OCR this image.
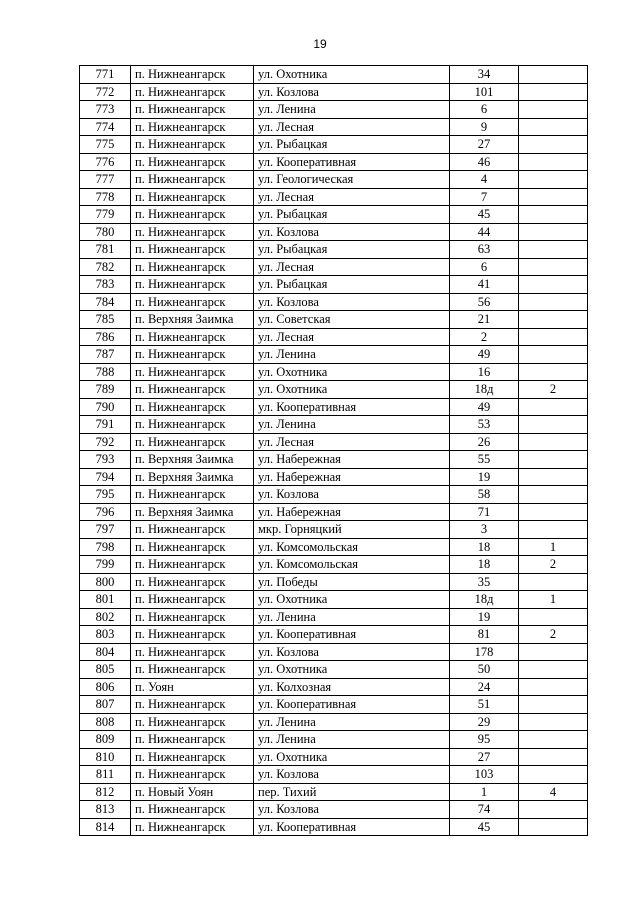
19
771	п. Нижнеангарск	ул. Охотника	34	
772	п. Нижнеангарск	ул. Козлова	101	
773	п. Нижнеангарск	ул. Ленина	6	
774	п. Нижнеангарск	ул. Лесная	9	
775	п. Нижнеангарск	ул. Рыбацкая	27	
776	п. Нижнеангарск	ул. Кооперативная	46	
777	п. Нижнеангарск	ул. Геологическая	4	
778	п. Нижнеангарск	ул. Лесная	7	
779	п. Нижнеангарск	ул. Рыбацкая	45	
780	п. Нижнеангарск	ул. Козлова	44	
781	п. Нижнеангарск	ул. Рыбацкая	63	
782	п. Нижнеангарск	ул. Лесная	6	
783	п. Нижнеангарск	ул. Рыбацкая	41	
784	п. Нижнеангарск	ул. Козлова	56	
785	п. Верхняя Заимка	ул. Советская	21	
786	п. Нижнеангарск	ул. Лесная	2	
787	п. Нижнеангарск	ул. Ленина	49	
788	п. Нижнеангарск	ул. Охотника	16	
789	п. Нижнеангарск	ул. Охотника	18д	2
790	п. Нижнеангарск	ул. Кооперативная	49	
791	п. Нижнеангарск	ул. Ленина	53	
792	п. Нижнеангарск	ул. Лесная	26	
793	п. Верхняя Заимка	ул. Набережная	55	
794	п. Верхняя Заимка	ул. Набережная	19	
795	п. Нижнеангарск	ул. Козлова	58	
796	п. Верхняя Заимка	ул. Набережная	71	
797	п. Нижнеангарск	мкр. Горняцкий	3	
798	п. Нижнеангарск	ул. Комсомольская	18	1
799	п. Нижнеангарск	ул. Комсомольская	18	2
800	п. Нижнеангарск	ул. Победы	35	
801	п. Нижнеангарск	ул. Охотника	18д	1
802	п. Нижнеангарск	ул. Ленина	19	
803	п. Нижнеангарск	ул. Кооперативная	81	2
804	п. Нижнеангарск	ул. Козлова	178	
805	п. Нижнеангарск	ул. Охотника	50	
806	п. Уоян	ул. Колхозная	24	
807	п. Нижнеангарск	ул. Кооперативная	51	
808	п. Нижнеангарск	ул. Ленина	29	
809	п. Нижнеангарск	ул. Ленина	95	
810	п. Нижнеангарск	ул. Охотника	27	
811	п. Нижнеангарск	ул. Козлова	103	
812	п. Новый Уоян	пер. Тихий	1	4
813	п. Нижнеангарск	ул. Козлова	74	
814	п. Нижнеангарск	ул. Кооперативная	45	
